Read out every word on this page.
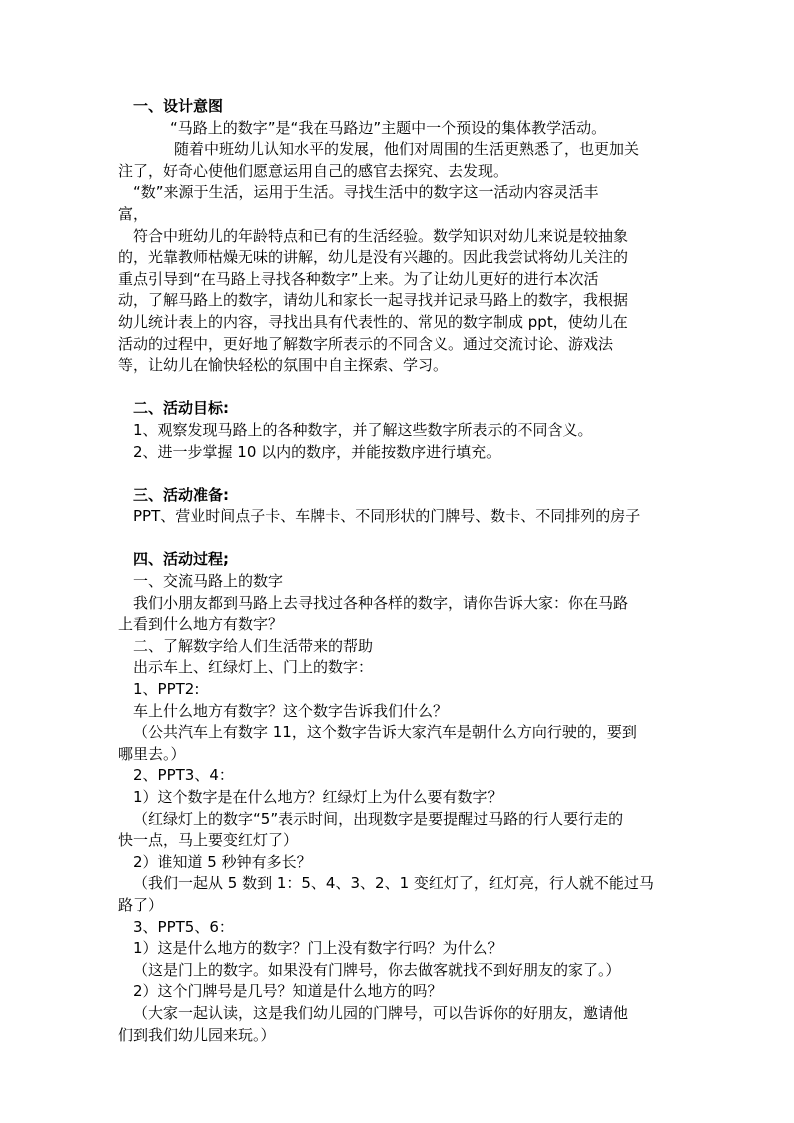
一、设计意图
“马路上的数字”是“我在马路边”主题中一个预设的集体教学活动。
随着中班幼儿认知水平的发展，他们对周围的生活更熟悉了，也更加关
注了，好奇心使他们愿意运用自己的感官去探究、去发现。
“数”来源于生活，运用于生活。寻找生活中的数字这一活动内容灵活丰
富，
符合中班幼儿的年龄特点和已有的生活经验。数学知识对幼儿来说是较抽象
的，光靠教师枯燥无味的讲解，幼儿是没有兴趣的。因此我尝试将幼儿关注的
重点引导到“在马路上寻找各种数字”上来。为了让幼儿更好的进行本次活
动，了解马路上的数字，请幼儿和家长一起寻找并记录马路上的数字，我根据
幼儿统计表上的内容，寻找出具有代表性的、常见的数字制成 ppt，使幼儿在
活动的过程中，更好地了解数字所表示的不同含义。通过交流讨论、游戏法
等，让幼儿在愉快轻松的氛围中自主探索、学习。
二、活动目标:
1、观察发现马路上的各种数字，并了解这些数字所表示的不同含义。
2、进一步掌握 10 以内的数序，并能按数序进行填充。
三、活动准备:
PPT、营业时间点子卡、车牌卡、不同形状的门牌号、数卡、不同排列的房子
四、活动过程;
一、交流马路上的数字
我们小朋友都到马路上去寻找过各种各样的数字，请你告诉大家：你在马路
上看到什么地方有数字？
二、了解数字给人们生活带来的帮助
出示车上、红绿灯上、门上的数字：
1、PPT2:
车上什么地方有数字？这个数字告诉我们什么？
（公共汽车上有数字 11，这个数字告诉大家汽车是朝什么方向行驶的，要到
哪里去。）
2、PPT3、4：
1）这个数字是在什么地方？红绿灯上为什么要有数字？
（红绿灯上的数字“5”表示时间，出现数字是要提醒过马路的行人要行走的
快一点，马上要变红灯了）
2）谁知道 5 秒钟有多长？
（我们一起从 5 数到 1：5、4、3、2、1 变红灯了，红灯亮，行人就不能过马
路了）
3、PPT5、6：
1）这是什么地方的数字？门上没有数字行吗？为什么？
（这是门上的数字。如果没有门牌号，你去做客就找不到好朋友的家了。）
2）这个门牌号是几号？知道是什么地方的吗？
（大家一起认读，这是我们幼儿园的门牌号，可以告诉你的好朋友，邀请他
们到我们幼儿园来玩。）
